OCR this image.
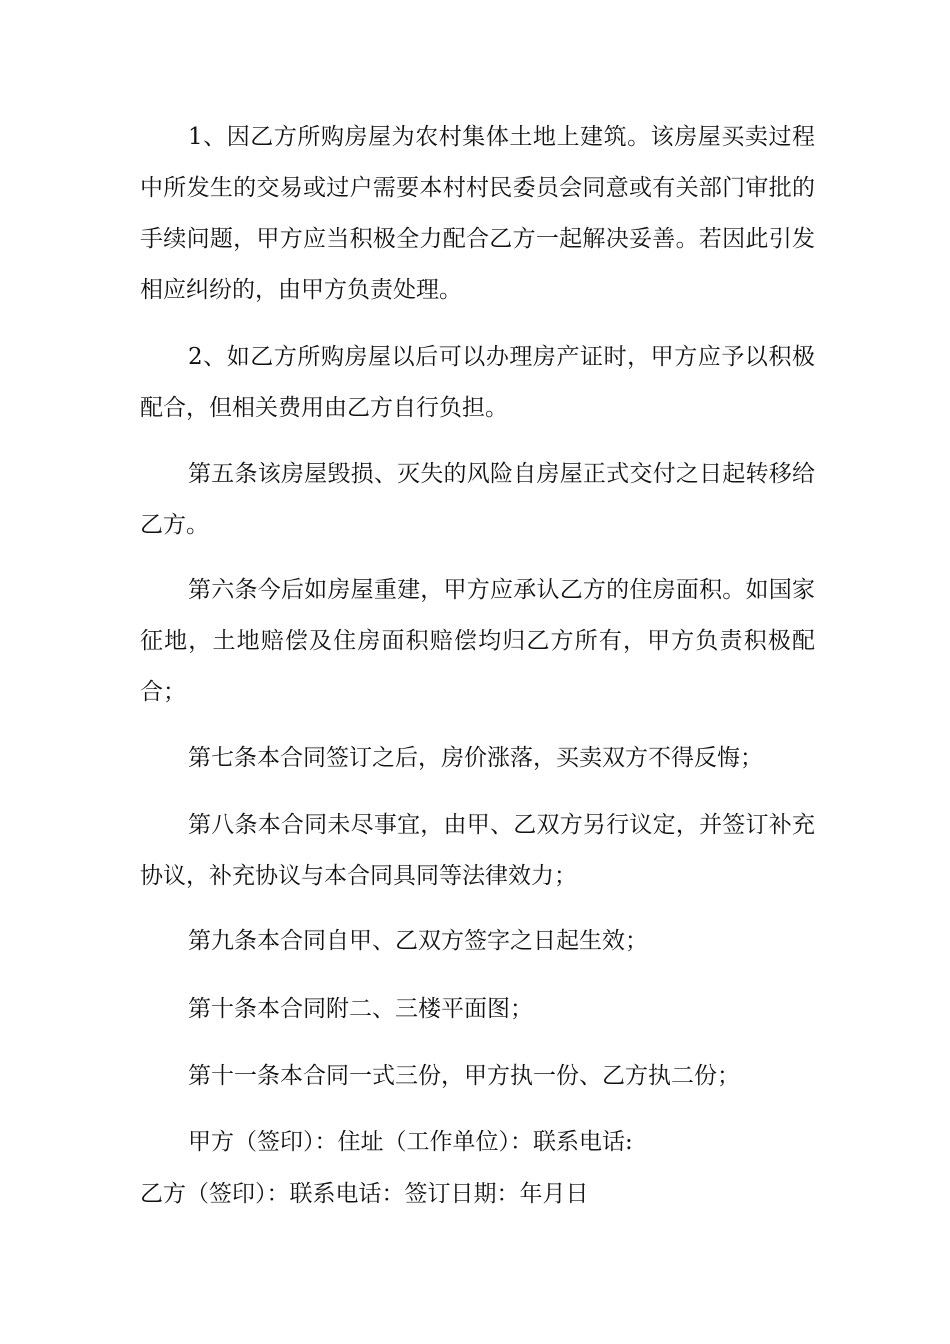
1、因乙方所购房屋为农村集体土地上建筑。该房屋买卖过程中所发生的交易或过户需要本村村民委员会同意或有关部门审批的手续问题，甲方应当积极全力配合乙方一起解决妥善。若因此引发相应纠纷的，由甲方负责处理。

2、如乙方所购房屋以后可以办理房产证时，甲方应予以积极配合，但相关费用由乙方自行负担。

第五条该房屋毁损、灭失的风险自房屋正式交付之日起转移给乙方。

第六条今后如房屋重建，甲方应承认乙方的住房面积。如国家征地，土地赔偿及住房面积赔偿均归乙方所有，甲方负责积极配合；

第七条本合同签订之后，房价涨落，买卖双方不得反悔；

第八条本合同未尽事宜，由甲、乙双方另行议定，并签订补充协议，补充协议与本合同具同等法律效力；

第九条本合同自甲、乙双方签字之日起生效；

第十条本合同附二、三楼平面图；

第十一条本合同一式三份，甲方执一份、乙方执二份；

甲方（签印）：住址（工作单位）：联系电话:

乙方（签印）：联系电话：签订日期：年月日
